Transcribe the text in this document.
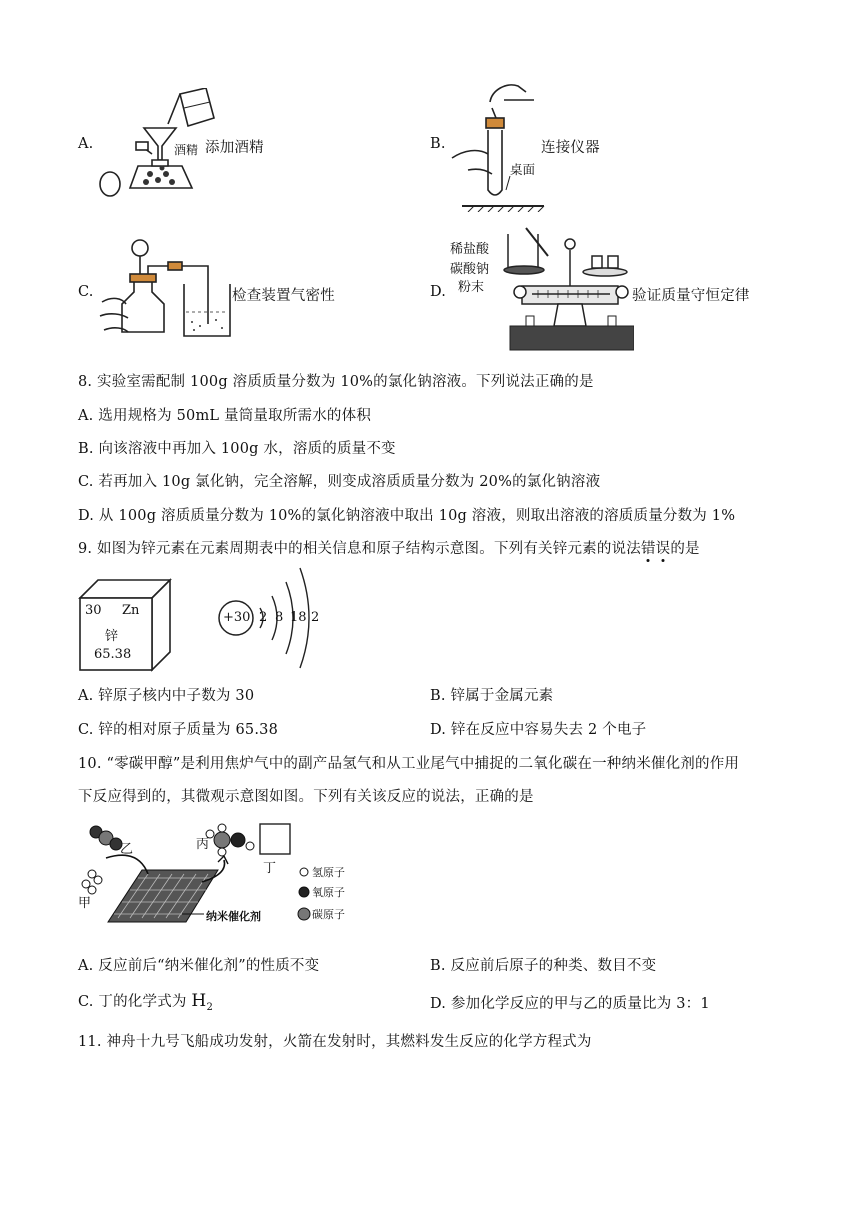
A.	酒精 添加酒精	B.
桌面
连接仪器
C.	检查装置气密性	D.
稀盐酸
碳酸钠
粉末
验证质量守恒定律
8. 实验室需配制 100g 溶质质量分数为 10%的氯化钠溶液。下列说法正确的是
A. 选用规格为 50mL 量筒量取所需水的体积
B. 向该溶液中再加入 100g 水，溶质的质量不变
C. 若再加入 10g 氯化钠，完全溶解，则变成溶质质量分数为 20%的氯化钠溶液
D. 从 100g 溶质质量分数为 10%的氯化钠溶液中取出 10g 溶液，则取出溶液的溶质质量分数为 1%
9. 如图为锌元素在元素周期表中的相关信息和原子结构示意图。下列有关锌元素的说法错误的是
30 Zn
锌
65.38
+30 2 8 18 2
A. 锌原子核内中子数为 30	B. 锌属于金属元素
C. 锌的相对原子质量为 65.38	D. 锌在反应中容易失去 2 个电子
10. “零碳甲醇”是利用焦炉气中的副产品氢气和从工业尾气中捕捉的二氧化碳在一种纳米催化剂的作用
下反应得到的，其微观示意图如图。下列有关该反应的说法，正确的是
乙	丙
丁
甲
纳米催化剂
氢原子
氧原子
碳原子
A. 反应前后“纳米催化剂”的性质不变	B. 反应前后原子的种类、数目不变
C. 丁的化学式为 $H_2$	D. 参加化学反应的甲与乙的质量比为 3：1
11. 神舟十九号飞船成功发射，火箭在发射时，其燃料发生反应的化学方程式为
